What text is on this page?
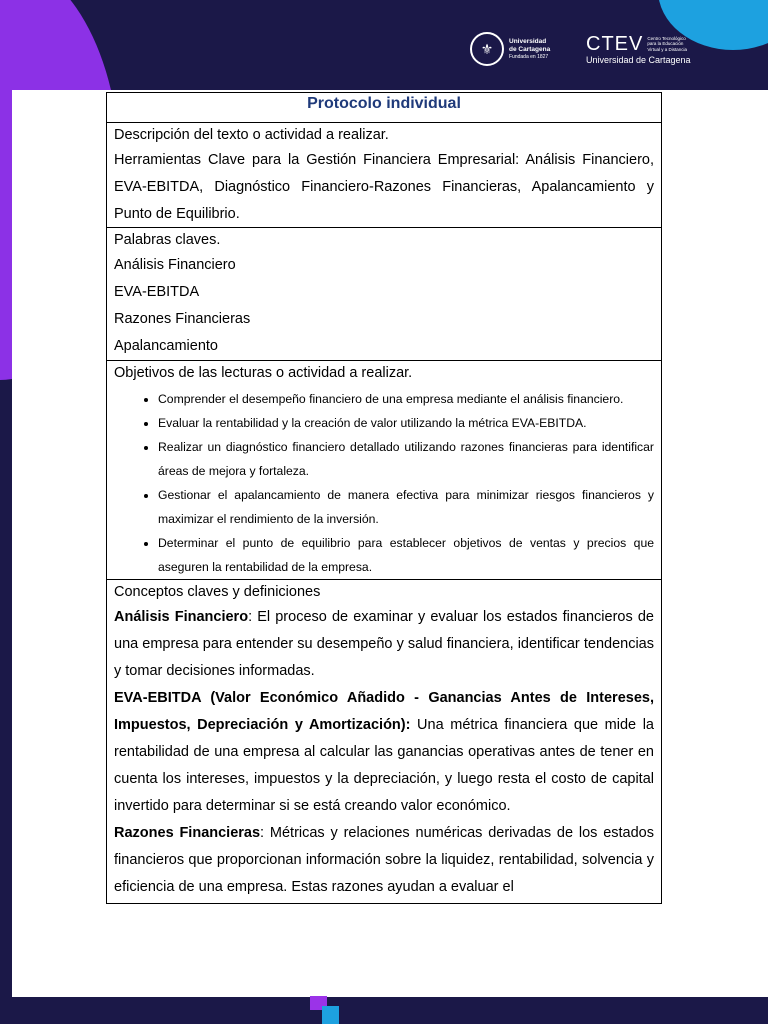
⚜	Universidad
de Cartagena
Fundada en 1827
CTEV Centro Tecnológico para la Educación Virtual y a Distancia
Universidad de Cartagena
Protocolo individual

Descripción del texto o actividad a realizar.
Herramientas Clave para la Gestión Financiera Empresarial: Análisis Financiero, EVA-EBITDA, Diagnóstico Financiero-Razones Financieras, Apalancamiento y Punto de Equilibrio.

Palabras claves.
Análisis Financiero
EVA-EBITDA
Razones Financieras
Apalancamiento

Objetivos de las lecturas o actividad a realizar.
• Comprender el desempeño financiero de una empresa mediante el análisis financiero.
• Evaluar la rentabilidad y la creación de valor utilizando la métrica EVA-EBITDA.
• Realizar un diagnóstico financiero detallado utilizando razones financieras para identificar áreas de mejora y fortaleza.
• Gestionar el apalancamiento de manera efectiva para minimizar riesgos financieros y maximizar el rendimiento de la inversión.
• Determinar el punto de equilibrio para establecer objetivos de ventas y precios que aseguren la rentabilidad de la empresa.

Conceptos claves y definiciones
Análisis Financiero: El proceso de examinar y evaluar los estados financieros de una empresa para entender su desempeño y salud financiera, identificar tendencias y tomar decisiones informadas.
EVA-EBITDA (Valor Económico Añadido - Ganancias Antes de Intereses, Impuestos, Depreciación y Amortización): Una métrica financiera que mide la rentabilidad de una empresa al calcular las ganancias operativas antes de tener en cuenta los intereses, impuestos y la depreciación, y luego resta el costo de capital invertido para determinar si se está creando valor económico.
Razones Financieras: Métricas y relaciones numéricas derivadas de los estados financieros que proporcionan información sobre la liquidez, rentabilidad, solvencia y eficiencia de una empresa. Estas razones ayudan a evaluar el
